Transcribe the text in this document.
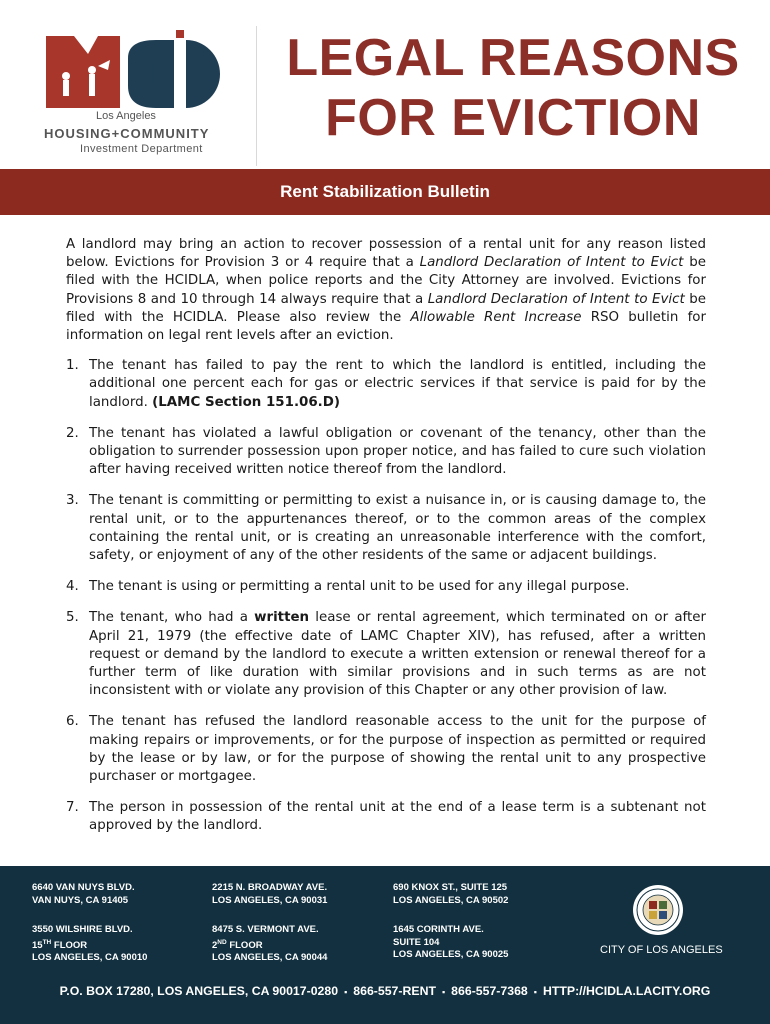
Los Angeles
HOUSING+COMMUNITY
Investment Department
LEGAL REASONS
FOR EVICTION
Rent Stabilization Bulletin

A landlord may bring an action to recover possession of a rental unit for any reason listed below. Evictions for Provision 3 or 4 require that a Landlord Declaration of Intent to Evict be filed with the HCIDLA, when police reports and the City Attorney are involved. Evictions for Provisions 8 and 10 through 14 always require that a Landlord Declaration of Intent to Evict be filed with the HCIDLA. Please also review the Allowable Rent Increase RSO bulletin for information on legal rent levels after an eviction.

1. The tenant has failed to pay the rent to which the landlord is entitled, including the additional one percent each for gas or electric services if that service is paid for by the landlord. (LAMC Section 151.06.D)
2. The tenant has violated a lawful obligation or covenant of the tenancy, other than the obligation to surrender possession upon proper notice, and has failed to cure such violation after having received written notice thereof from the landlord.
3. The tenant is committing or permitting to exist a nuisance in, or is causing damage to, the rental unit, or to the appurtenances thereof, or to the common areas of the complex containing the rental unit, or is creating an unreasonable interference with the comfort, safety, or enjoyment of any of the other residents of the same or adjacent buildings.
4. The tenant is using or permitting a rental unit to be used for any illegal purpose.
5. The tenant, who had a written lease or rental agreement, which terminated on or after April 21, 1979 (the effective date of LAMC Chapter XIV), has refused, after a written request or demand by the landlord to execute a written extension or renewal thereof for a further term of like duration with similar provisions and in such terms as are not inconsistent with or violate any provision of this Chapter or any other provision of law.
6. The tenant has refused the landlord reasonable access to the unit for the purpose of making repairs or improvements, or for the purpose of inspection as permitted or required by the lease or by law, or for the purpose of showing the rental unit to any prospective purchaser or mortgagee.
7. The person in possession of the rental unit at the end of a lease term is a subtenant not approved by the landlord.
6640 VAN NUYS BLVD.
VAN NUYS, CA 91405
2215 N. BROADWAY AVE.
LOS ANGELES, CA 90031
690 KNOX ST., SUITE 125
LOS ANGELES, CA 90502
3550 WILSHIRE BLVD.
15TH FLOOR
LOS ANGELES, CA 90010
8475 S. VERMONT AVE.
2ND FLOOR
LOS ANGELES, CA 90044
1645 CORINTH AVE.
SUITE 104
LOS ANGELES, CA 90025	CITY OF LOS ANGELES
P.O. BOX 17280, LOS ANGELES, CA 90017-0280 ▪ 866-557-RENT ▪ 866-557-7368 ▪ HTTP://HCIDLA.LACITY.ORG
